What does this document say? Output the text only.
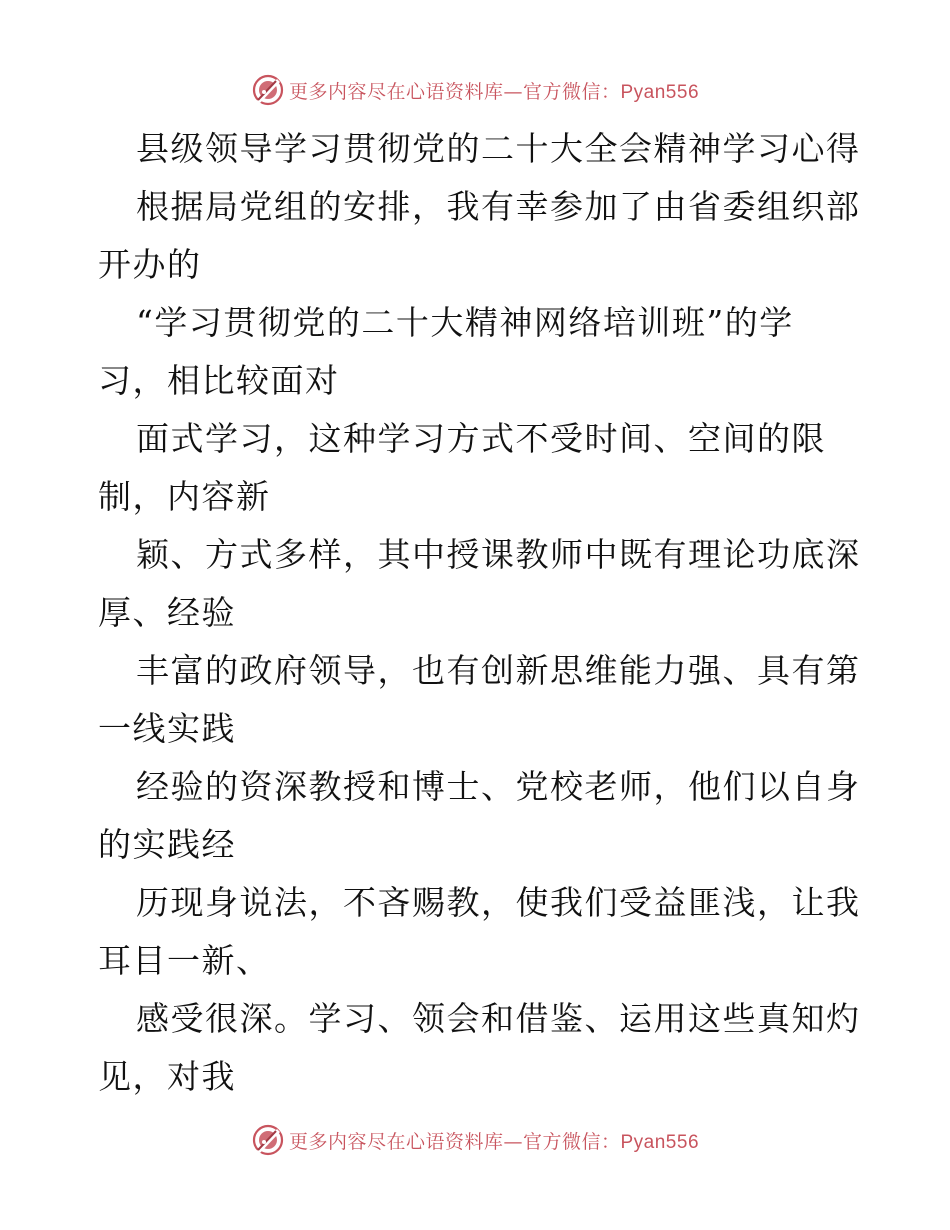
更多内容尽在心语资料库—官方微信：Pyan556
县级领导学习贯彻党的二十大全会精神学习心得
根据局党组的安排，我有幸参加了由省委组织部
开办的
“学习贯彻党的二十大精神网络培训班”的学
习，相比较面对
面式学习，这种学习方式不受时间、空间的限
制，内容新
颖、方式多样，其中授课教师中既有理论功底深
厚、经验
丰富的政府领导，也有创新思维能力强、具有第
一线实践
经验的资深教授和博士、党校老师，他们以自身
的实践经
历现身说法，不吝赐教，使我们受益匪浅，让我
耳目一新、
感受很深。学习、领会和借鉴、运用这些真知灼
见，对我
更多内容尽在心语资料库—官方微信：Pyan556
